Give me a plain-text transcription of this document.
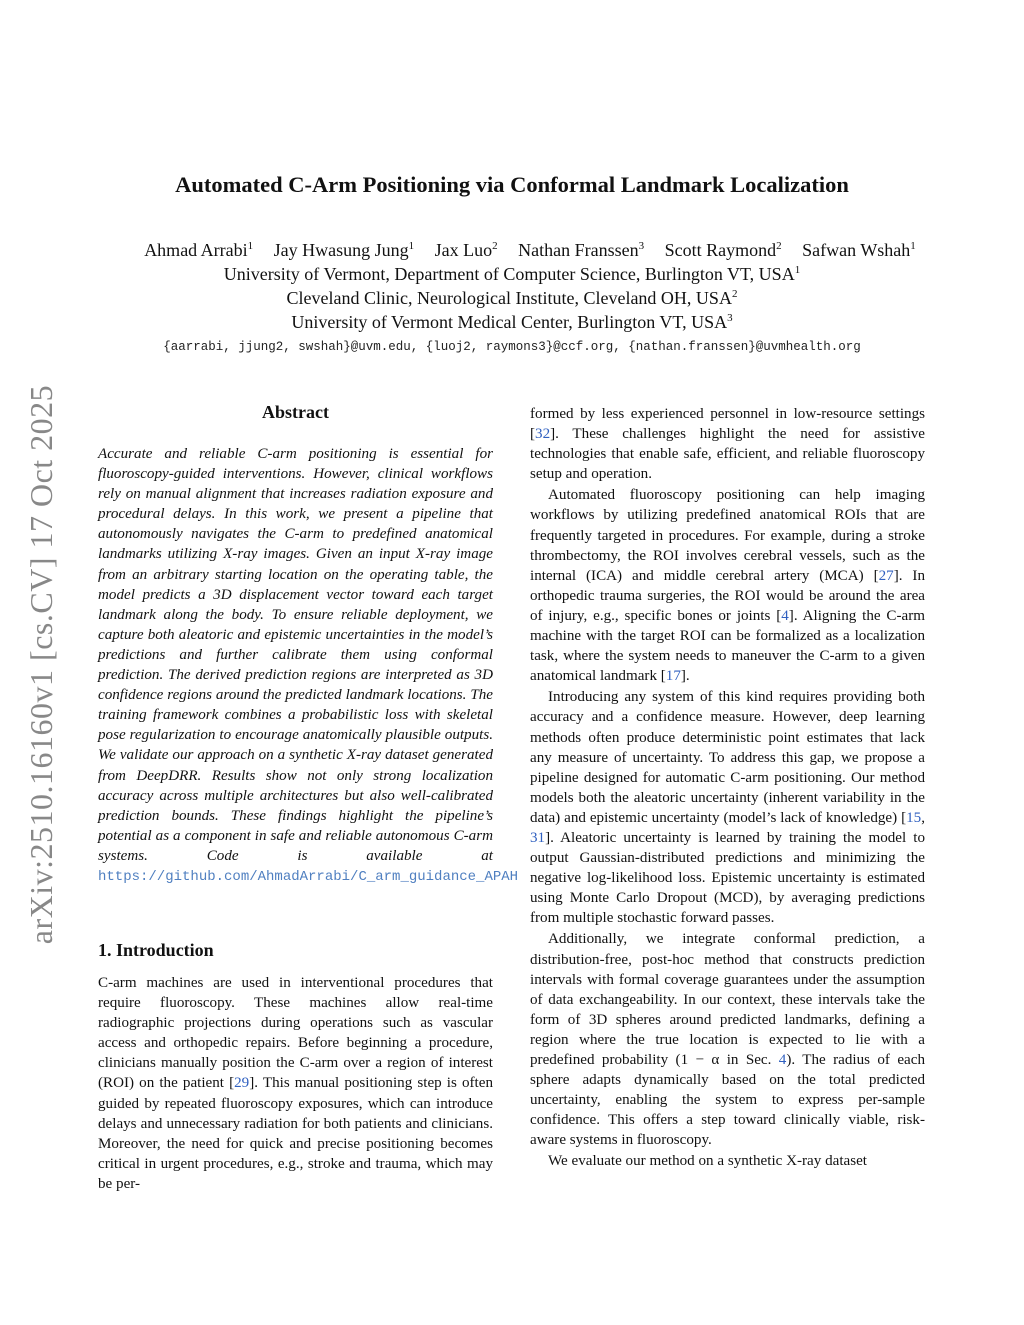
arXiv:2510.16160v1 [cs.CV] 17 Oct 2025
Automated C-Arm Positioning via Conformal Landmark Localization
Ahmad Arrabi$^1$ Jay Hwasung Jung$^1$ Jax Luo$^2$ Nathan Franssen$^3$ Scott Raymond$^2$ Safwan Wshah$^1$
University of Vermont, Department of Computer Science, Burlington VT, USA$^1$
Cleveland Clinic, Neurological Institute, Cleveland OH, USA$^2$
University of Vermont Medical Center, Burlington VT, USA$^3$
{aarrabi, jjung2, swshah}@uvm.edu, {luoj2, raymons3}@ccf.org, {nathan.franssen}@uvmhealth.org
Abstract

Accurate and reliable C-arm positioning is essential for fluoroscopy-guided interventions. However, clinical workflows rely on manual alignment that increases radiation exposure and procedural delays. In this work, we present a pipeline that autonomously navigates the C-arm to predefined anatomical landmarks utilizing X-ray images. Given an input X-ray image from an arbitrary starting location on the operating table, the model predicts a 3D displacement vector toward each target landmark along the body. To ensure reliable deployment, we capture both aleatoric and epistemic uncertainties in the model’s predictions and further calibrate them using conformal prediction. The derived prediction regions are interpreted as 3D confidence regions around the predicted landmark locations. The training framework combines a probabilistic loss with skeletal pose regularization to encourage anatomically plausible outputs. We validate our approach on a synthetic X-ray dataset generated from DeepDRR. Results show not only strong localization accuracy across multiple architectures but also well-calibrated prediction bounds. These findings highlight the pipeline’s potential as a component in safe and reliable autonomous C-arm systems. Code is available at https://github.com/AhmadArrabi/C_arm_guidance_APAH

1. Introduction

C-arm machines are used in interventional procedures that require fluoroscopy. These machines allow real-time radiographic projections during operations such as vascular access and orthopedic repairs. Before beginning a procedure, clinicians manually position the C-arm over a region of interest (ROI) on the patient [29]. This manual positioning step is often guided by repeated fluoroscopy exposures, which can introduce delays and unnecessary radiation for both patients and clinicians. Moreover, the need for quick and precise positioning becomes critical in urgent procedures, e.g., stroke and trauma, which may be per-

formed by less experienced personnel in low-resource settings [32]. These challenges highlight the need for assistive technologies that enable safe, efficient, and reliable fluoroscopy setup and operation.

Automated fluoroscopy positioning can help imaging workflows by utilizing predefined anatomical ROIs that are frequently targeted in procedures. For example, during a stroke thrombectomy, the ROI involves cerebral vessels, such as the internal (ICA) and middle cerebral artery (MCA) [27]. In orthopedic trauma surgeries, the ROI would be around the area of injury, e.g., specific bones or joints [4]. Aligning the C-arm machine with the target ROI can be formalized as a localization task, where the system needs to maneuver the C-arm to a given anatomical landmark [17].

Introducing any system of this kind requires providing both accuracy and a confidence measure. However, deep learning methods often produce deterministic point estimates that lack any measure of uncertainty. To address this gap, we propose a pipeline designed for automatic C-arm positioning. Our method models both the aleatoric uncertainty (inherent variability in the data) and epistemic uncertainty (model’s lack of knowledge) [15, 31]. Aleatoric uncertainty is learned by training the model to output Gaussian-distributed predictions and minimizing the negative log-likelihood loss. Epistemic uncertainty is estimated using Monte Carlo Dropout (MCD), by averaging predictions from multiple stochastic forward passes.

Additionally, we integrate conformal prediction, a distribution-free, post-hoc method that constructs prediction intervals with formal coverage guarantees under the assumption of data exchangeability. In our context, these intervals take the form of 3D spheres around predicted landmarks, defining a region where the true location is expected to lie with a predefined probability (1 − α in Sec. 4). The radius of each sphere adapts dynamically based on the total predicted uncertainty, enabling the system to express per-sample confidence. This offers a step toward clinically viable, risk-aware systems in fluoroscopy.

We evaluate our method on a synthetic X-ray dataset
